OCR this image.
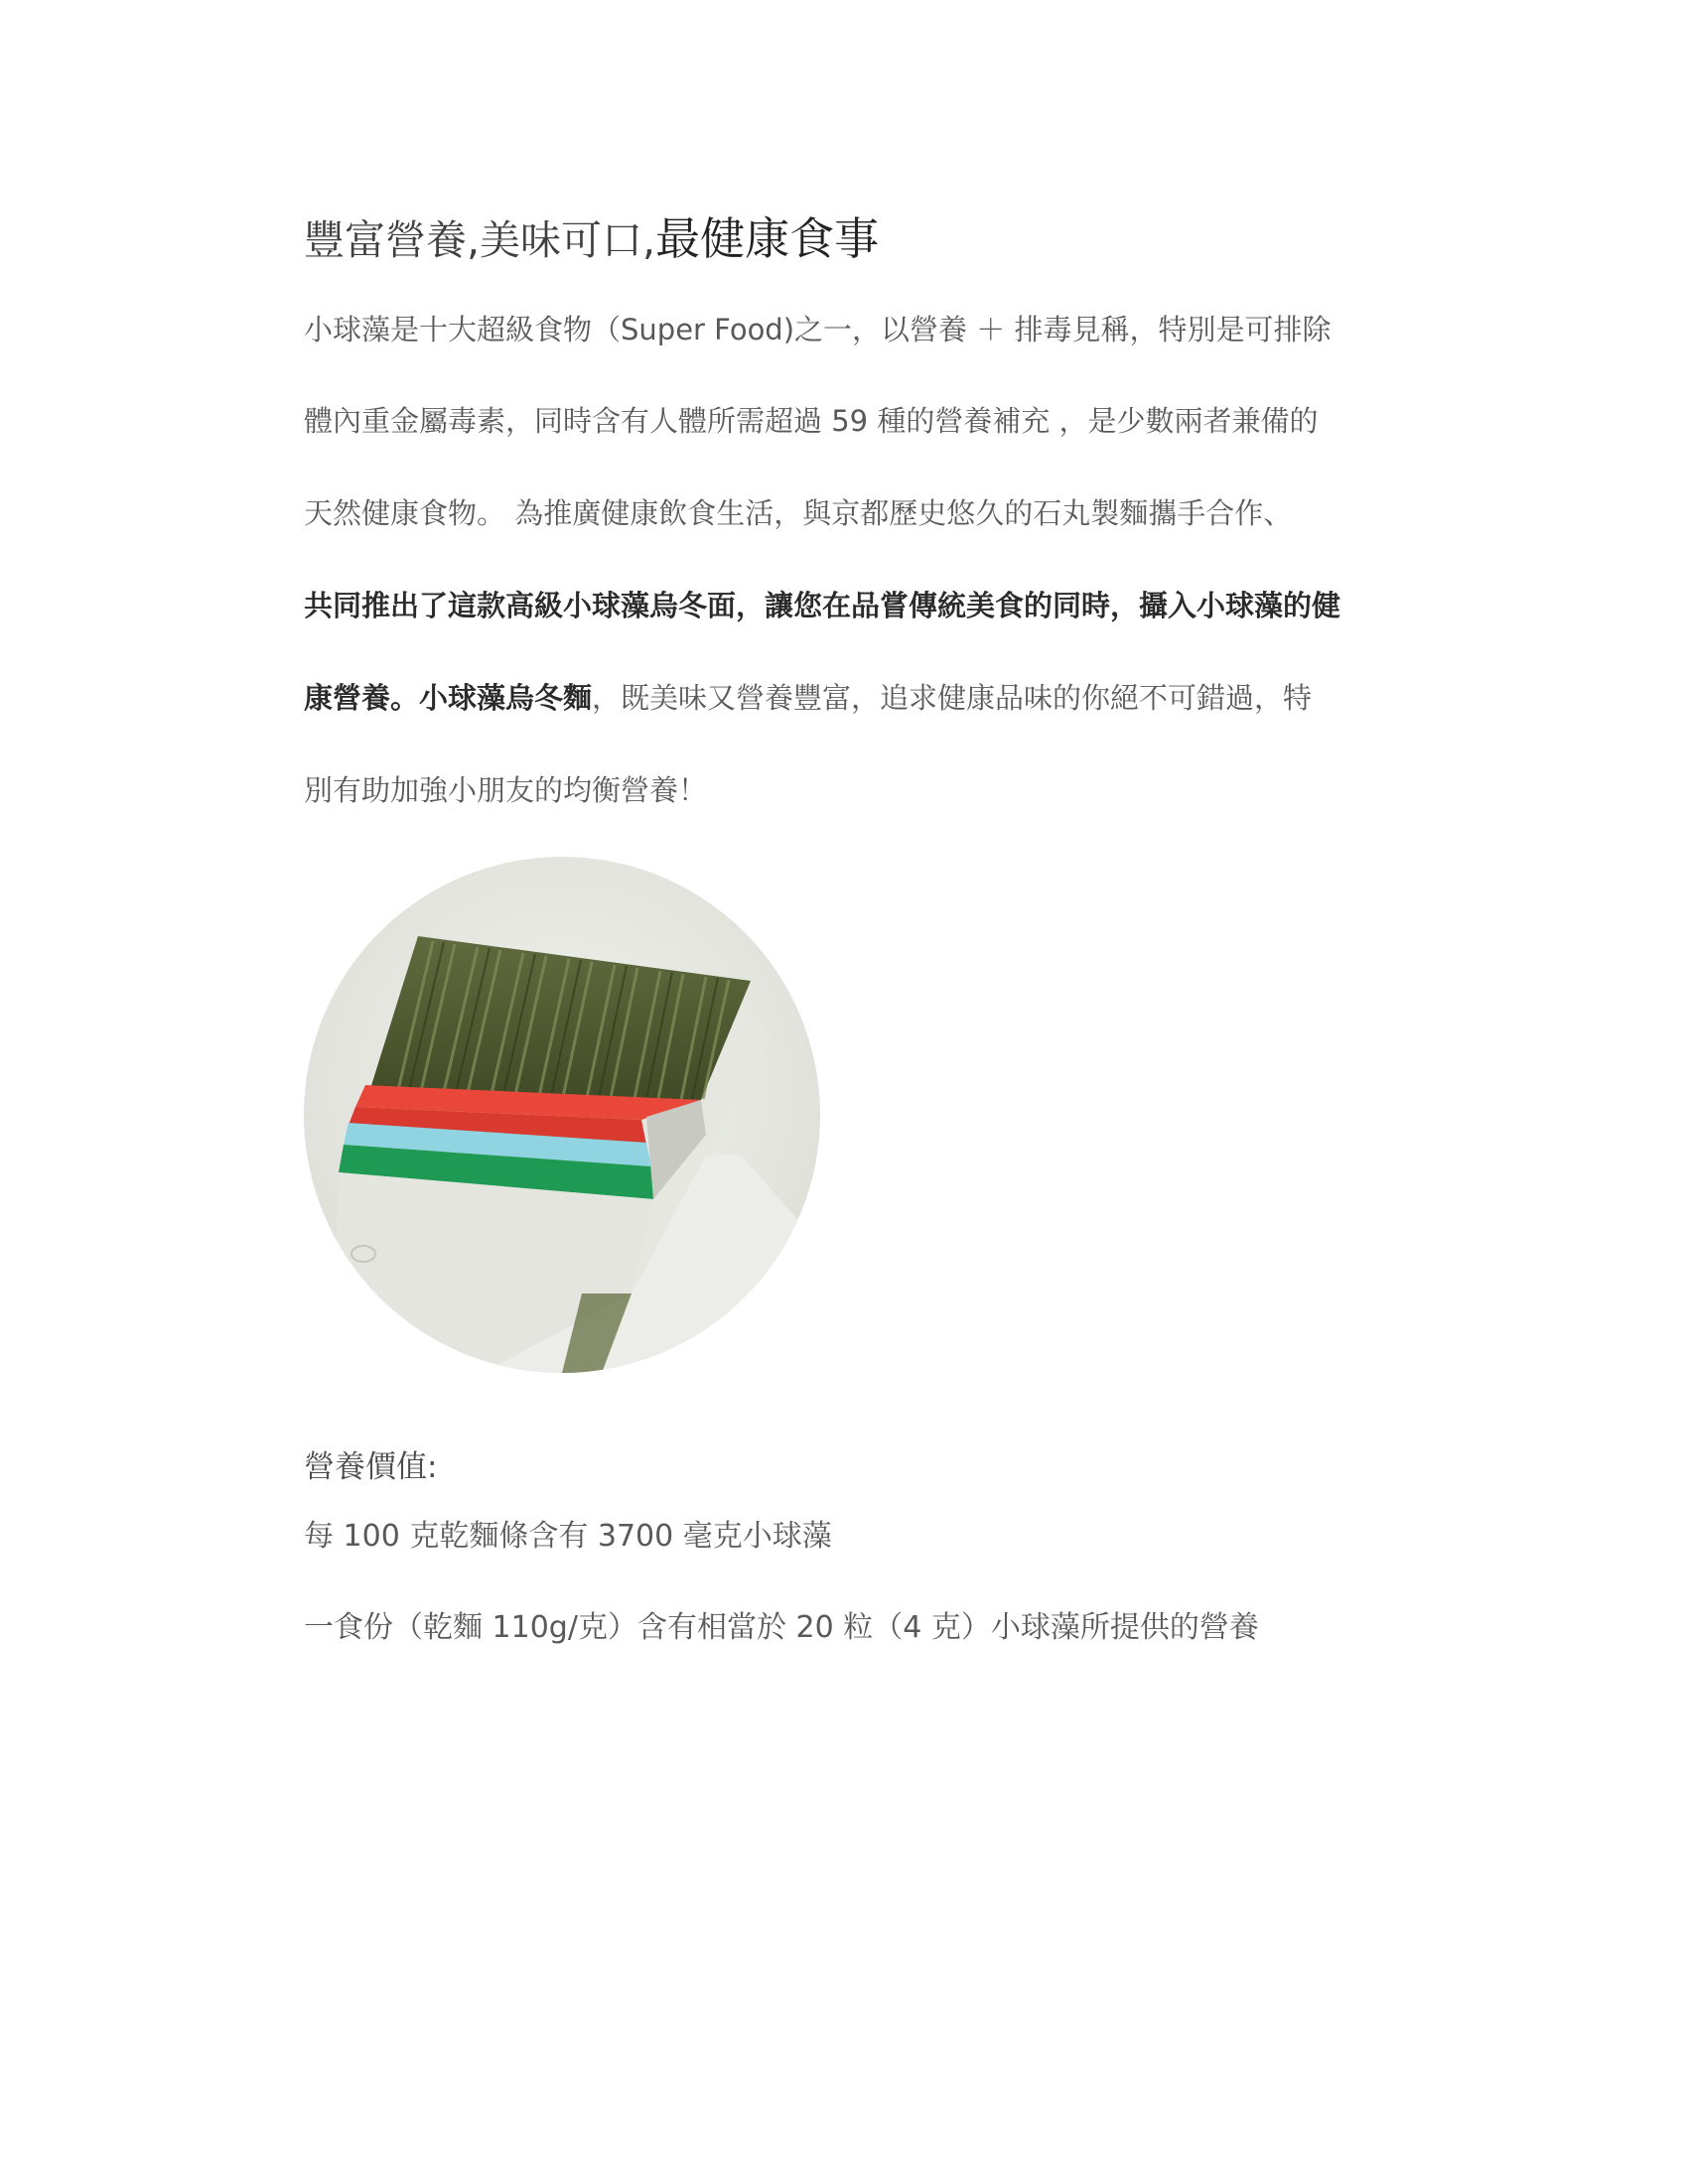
豐富營養,美味可口,最健康食事
小球藻是十大超級食物（Super Food)之一，以營養 ＋ 排毒見稱，特別是可排除
體內重金屬毒素，同時含有人體所需超過 59 種的營養補充 ，是少數兩者兼備的
天然健康食物。 為推廣健康飲食生活，與京都歷史悠久的石丸製麵攜手合作、
共同推出了這款高級小球藻烏冬面，讓您在品嘗傳統美食的同時，攝入小球藻的健
康營養。小球藻烏冬麵，既美味又營養豐富，追求健康品味的你絕不可錯過，特
別有助加強小朋友的均衡營養！
營養價值:
每 100 克乾麵條含有 3700 毫克小球藻
一食份（乾麵 110g/克）含有相當於 20 粒（4 克）小球藻所提供的營養
